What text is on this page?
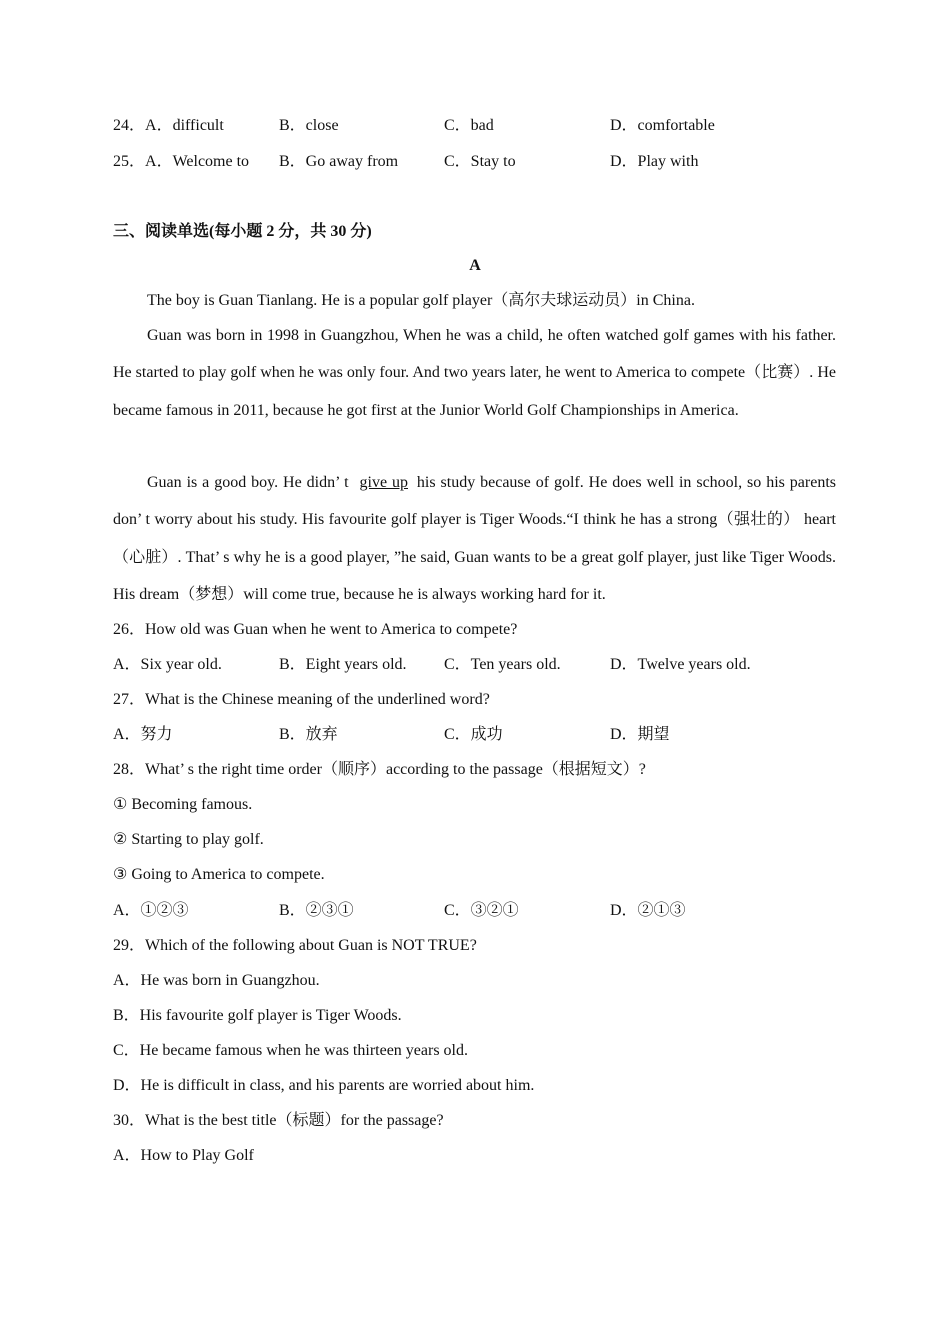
24．A．difficult	B．close	C．bad	D．comfortable
25．A．Welcome to B．Go away from	C．Stay to	D．Play with
三、阅读单选(每小题 2 分，共 30 分)
A
The boy is Guan Tianlang. He is a popular golf player（高尔夫球运动员）in China.
Guan was born in 1998 in Guangzhou, When he was a child, he often watched golf games with his father. He started to play golf when he was only four. And two years later, he went to America to compete（比赛）. He became famous in 2011, because he got first at the Junior World Golf Championships in America.
Guan is a good boy. He didn’ t give up his study because of golf. He does well in school, so his parents don’ t worry about his study. His favourite golf player is Tiger Woods.“I think he has a strong（强壮的） heart（心脏）. That’ s why he is a good player, ”he said, Guan wants to be a great golf player, just like Tiger Woods. His dream（梦想）will come true, because he is always working hard for it.
26．How old was Guan when he went to America to compete?
A．Six year old.	B．Eight years old. C．Ten years old.	D．Twelve years old.
27．What is the Chinese meaning of the underlined word?
A．努力	B．放弃	C．成功	D．期望
28．What’ s the right time order（顺序）according to the passage（根据短文）?
① Becoming famous.
② Starting to play golf.
③ Going to America to compete.
A．①②③	B．②③①	C．③②①	D．②①③
29．Which of the following about Guan is NOT TRUE?
A．He was born in Guangzhou.
B．His favourite golf player is Tiger Woods.
C．He became famous when he was thirteen years old.
D．He is difficult in class, and his parents are worried about him.
30．What is the best title（标题）for the passage?
A．How to Play Golf
